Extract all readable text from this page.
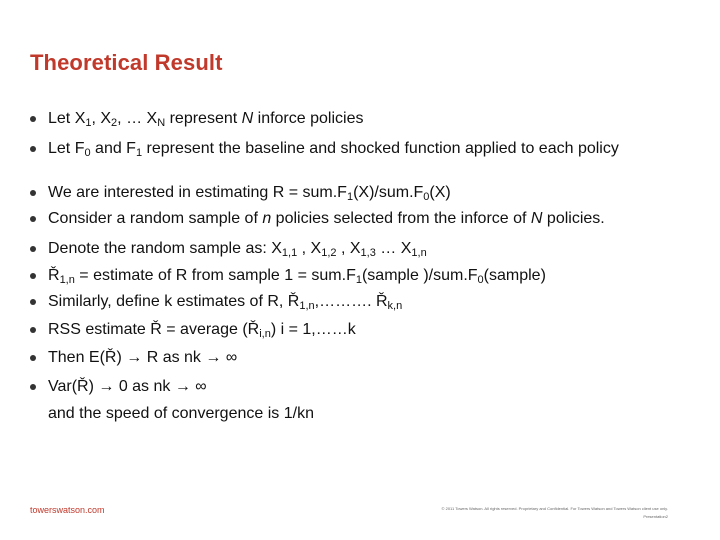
Theoretical Result
Let $X_1$, $X_2$, … $X_N$ represent N inforce policies
Let $F_0$ and $F_1$ represent the baseline and shocked function applied to each policy
We are interested in estimating $R = sum.F_1(X)/sum.F_0(X)$
Consider a random sample of n policies selected from the inforce of N policies.
Denote the random sample as: $X_{1,1}$ , $X_{1,2}$ , $X_{1,3}$ … $X_{1,n}$
$Ř_{1,n}$ = estimate of R from sample $1 = sum.F_1(sample$ )$/sum.F_0(sample)$
Similarly, define k estimates of R, $Ř_{1,n},\dots\dots\dots$. $Ř_{k,n}$
RSS estimate Ř = average $(Ř_{i,n}) i$ = 1,……k
Then E(Ř) → R as nk → ∞
Var(Ř) → 0 as nk → ∞
and the speed of convergence is 1/kn
towerswatson.com	© 2011 Towers Watson. All rights reserved. Proprietary and Confidential. For Towers Watson and Towers Watson client use only.
Presentation2
